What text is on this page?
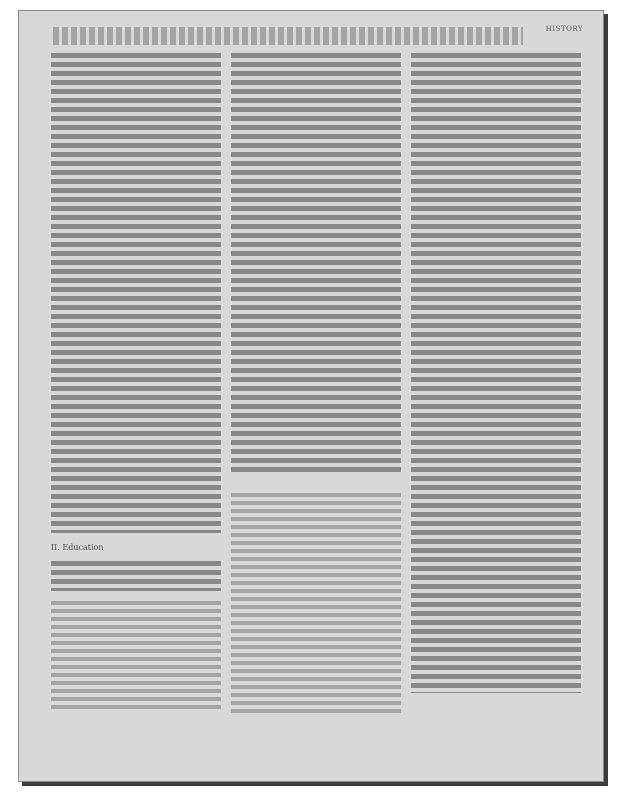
HISTORY
II. Education
